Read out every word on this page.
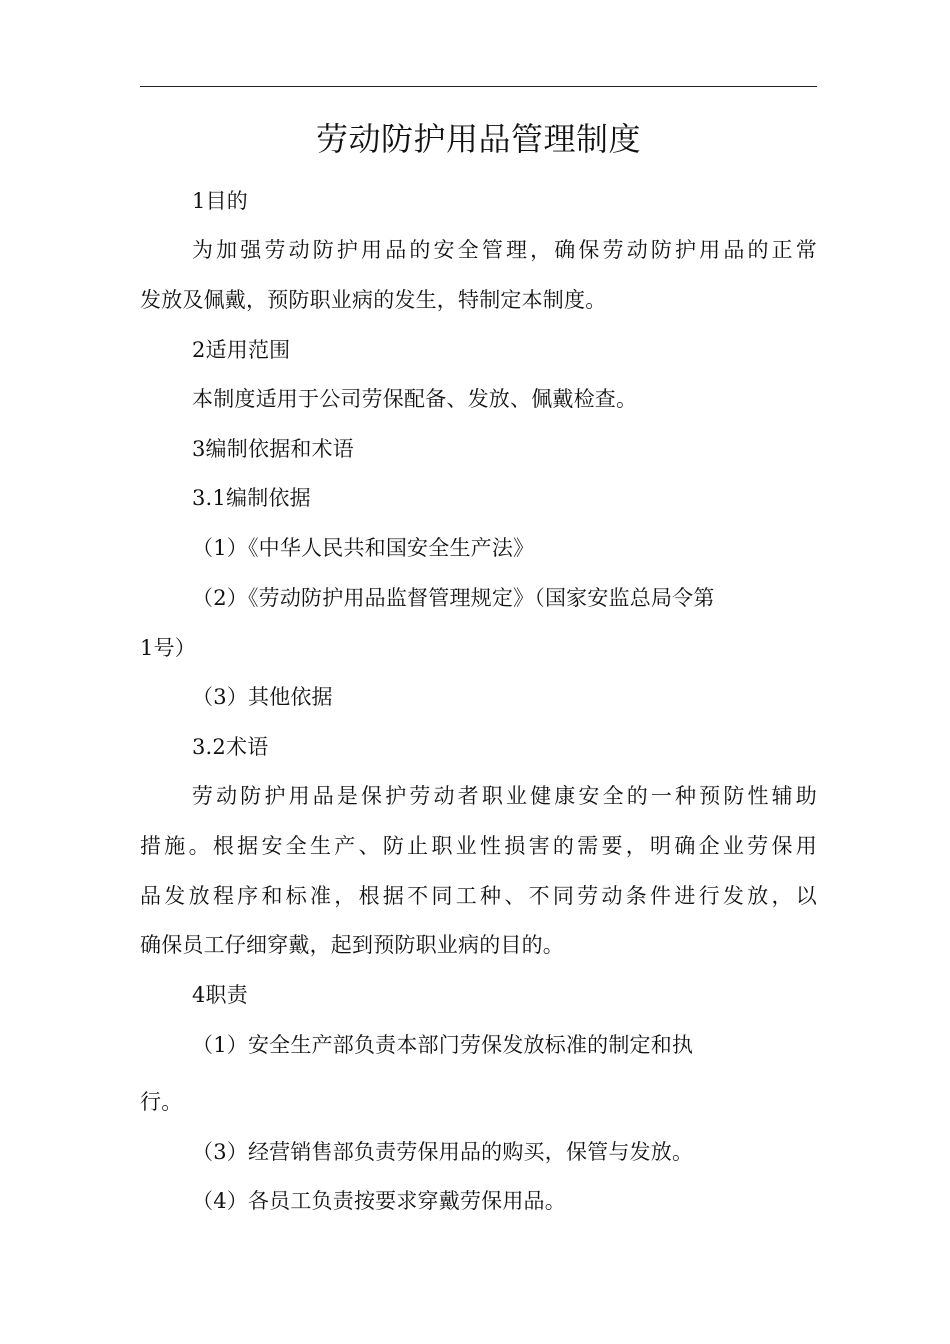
劳动防护用品管理制度
1目的
为加强劳动防护用品的安全管理，确保劳动防护用品的正常
发放及佩戴，预防职业病的发生，特制定本制度。
2适用范围
本制度适用于公司劳保配备、发放、佩戴检查。
3编制依据和术语
3.1编制依据
（1）《中华人民共和国安全生产法》
（2）《劳动防护用品监督管理规定》（国家安监总局令第
1号）
（3）其他依据
3.2术语
劳动防护用品是保护劳动者职业健康安全的一种预防性辅助
措施。根据安全生产、防止职业性损害的需要，明确企业劳保用
品发放程序和标准，根据不同工种、不同劳动条件进行发放，以
确保员工仔细穿戴，起到预防职业病的目的。
4职责
（1）安全生产部负责本部门劳保发放标准的制定和执
行。
（3）经营销售部负责劳保用品的购买，保管与发放。
（4）各员工负责按要求穿戴劳保用品。
